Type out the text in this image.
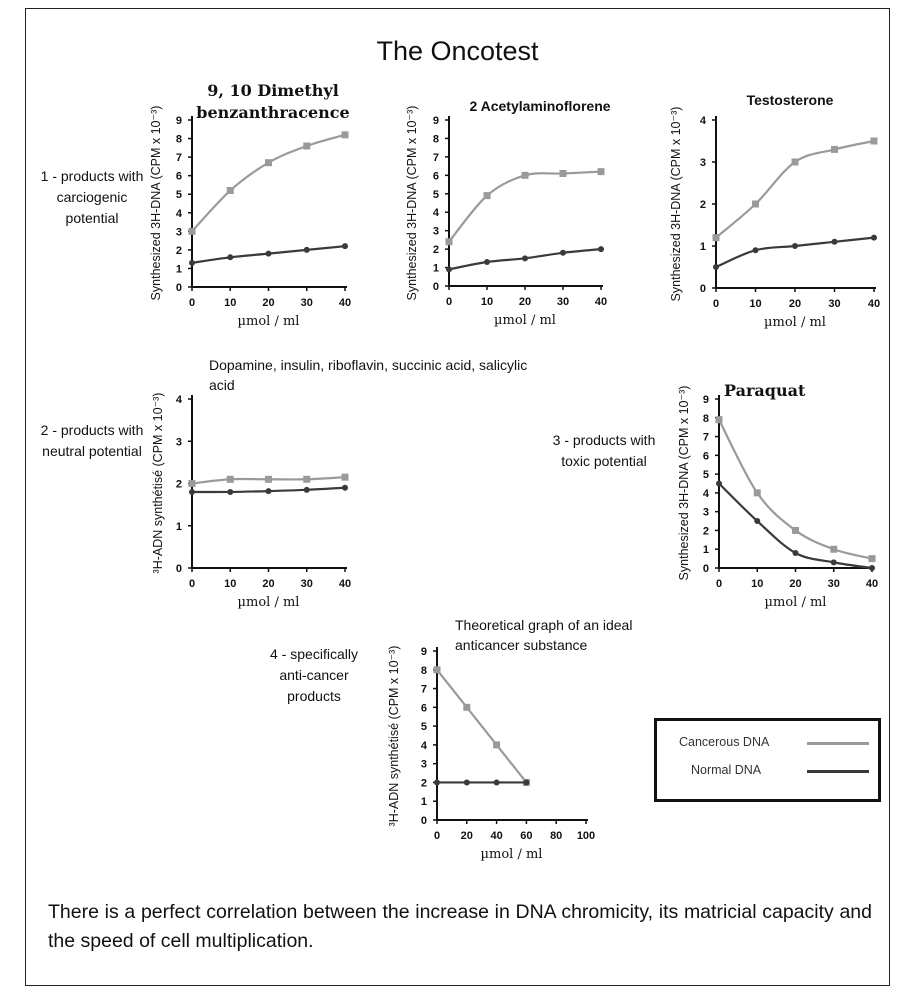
The Oncotest
1 - products with carciogenic potential
2 - products with neutral potential
3 - products with toxic potential
4 - specifically anti-cancer products
9, 10 Dimethyl benzanthracence	2 Acetylaminoflorene	Testosterone
Dopamine, insulin, riboflavin, succinic acid, salicylic acid	Paraquat
Theoretical graph of an ideal anticancer substance
0
1
2
3
4
5
6
7
8
9
0	10 20 30 40
µmol / ml
Synthesized 3H-DNA (CPM x 10⁻³)	0
1
2
3
4
5
6
7
8
9
0	10 20 30 40
µmol / ml
Synthesized 3H-DNA (CPM x 10⁻³)	0
1
2
3
4
0	10 20 30 40
µmol / ml
Synthesized 3H-DNA (CPM x 10⁻³)
0
1
2
3
4
0	10 20 30 40
µmol / ml
³H-ADN synthétisé (CPM x 10⁻³)	0
1
2
3
4
5
6
7
8
9
0	10 20 30 40
µmol / ml
Synthesized 3H-DNA (CPM x 10⁻³)
0
1
2
3
4
5
6
7
8
9
0 20 40 60 80 100
µmol / ml
³H-ADN synthétisé (CPM x 10⁻³)	Cancerous DNA
Normal DNA
There is a perfect correlation between the increase in DNA chromicity, its matricial capacity and the speed of cell multiplication.
